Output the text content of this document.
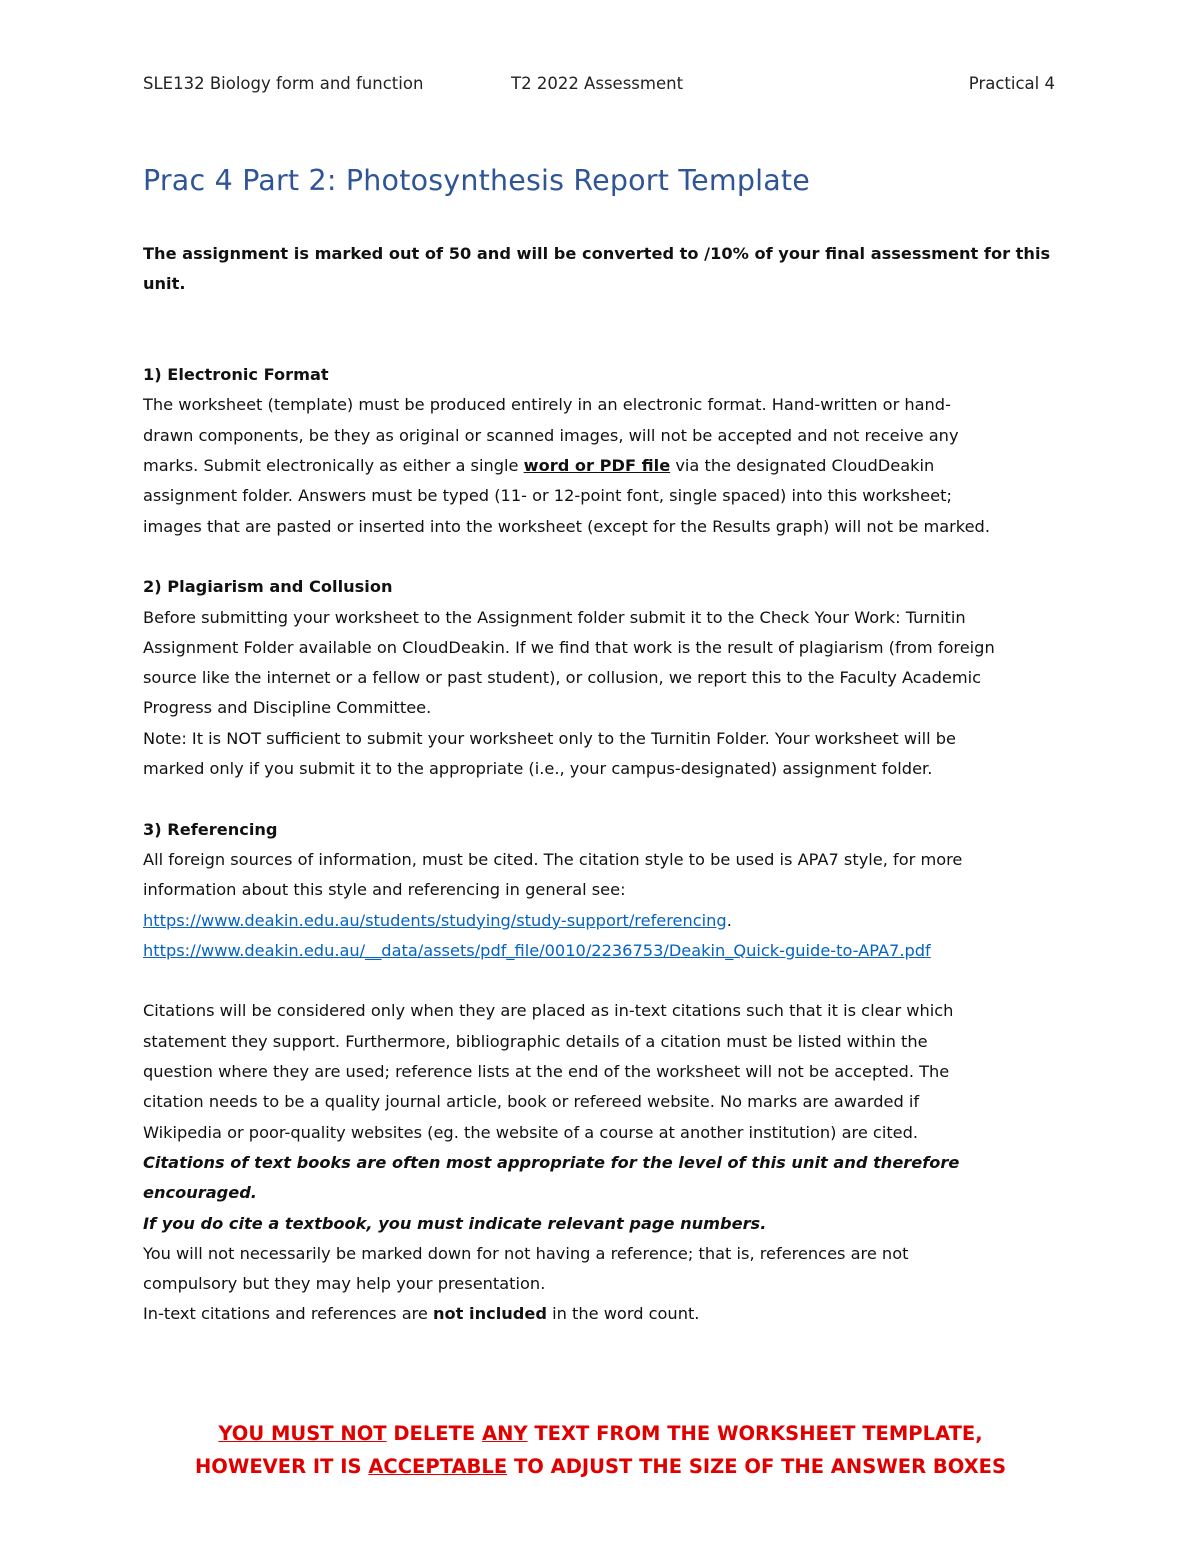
SLE132 Biology form and function	T2 2022 Assessment	Practical 4
Prac 4 Part 2: Photosynthesis Report Template

The assignment is marked out of 50 and will be converted to /10% of your final assessment for this

unit.

1) Electronic Format

The worksheet (template) must be produced entirely in an electronic format. Hand-written or hand-

drawn components, be they as original or scanned images, will not be accepted and not receive any

marks. Submit electronically as either a single word or PDF file via the designated CloudDeakin

assignment folder. Answers must be typed (11- or 12-point font, single spaced) into this worksheet;

images that are pasted or inserted into the worksheet (except for the Results graph) will not be marked.

2) Plagiarism and Collusion

Before submitting your worksheet to the Assignment folder submit it to the Check Your Work: Turnitin

Assignment Folder available on CloudDeakin. If we find that work is the result of plagiarism (from foreign

source like the internet or a fellow or past student), or collusion, we report this to the Faculty Academic

Progress and Discipline Committee.

Note: It is NOT sufficient to submit your worksheet only to the Turnitin Folder. Your worksheet will be

marked only if you submit it to the appropriate (i.e., your campus-designated) assignment folder.

3) Referencing

All foreign sources of information, must be cited. The citation style to be used is APA7 style, for more

information about this style and referencing in general see:

https://www.deakin.edu.au/students/studying/study-support/referencing.

https://www.deakin.edu.au/__data/assets/pdf_file/0010/2236753/Deakin_Quick-guide-to-APA7.pdf

Citations will be considered only when they are placed as in-text citations such that it is clear which

statement they support. Furthermore, bibliographic details of a citation must be listed within the

question where they are used; reference lists at the end of the worksheet will not be accepted. The

citation needs to be a quality journal article, book or refereed website. No marks are awarded if

Wikipedia or poor-quality websites (eg. the website of a course at another institution) are cited.

Citations of text books are often most appropriate for the level of this unit and therefore encouraged.

If you do cite a textbook, you must indicate relevant page numbers.

You will not necessarily be marked down for not having a reference; that is, references are not

compulsory but they may help your presentation.

In-text citations and references are not included in the word count.

YOU MUST NOT DELETE ANY TEXT FROM THE WORKSHEET TEMPLATE,
HOWEVER IT IS ACCEPTABLE TO ADJUST THE SIZE OF THE ANSWER BOXES
